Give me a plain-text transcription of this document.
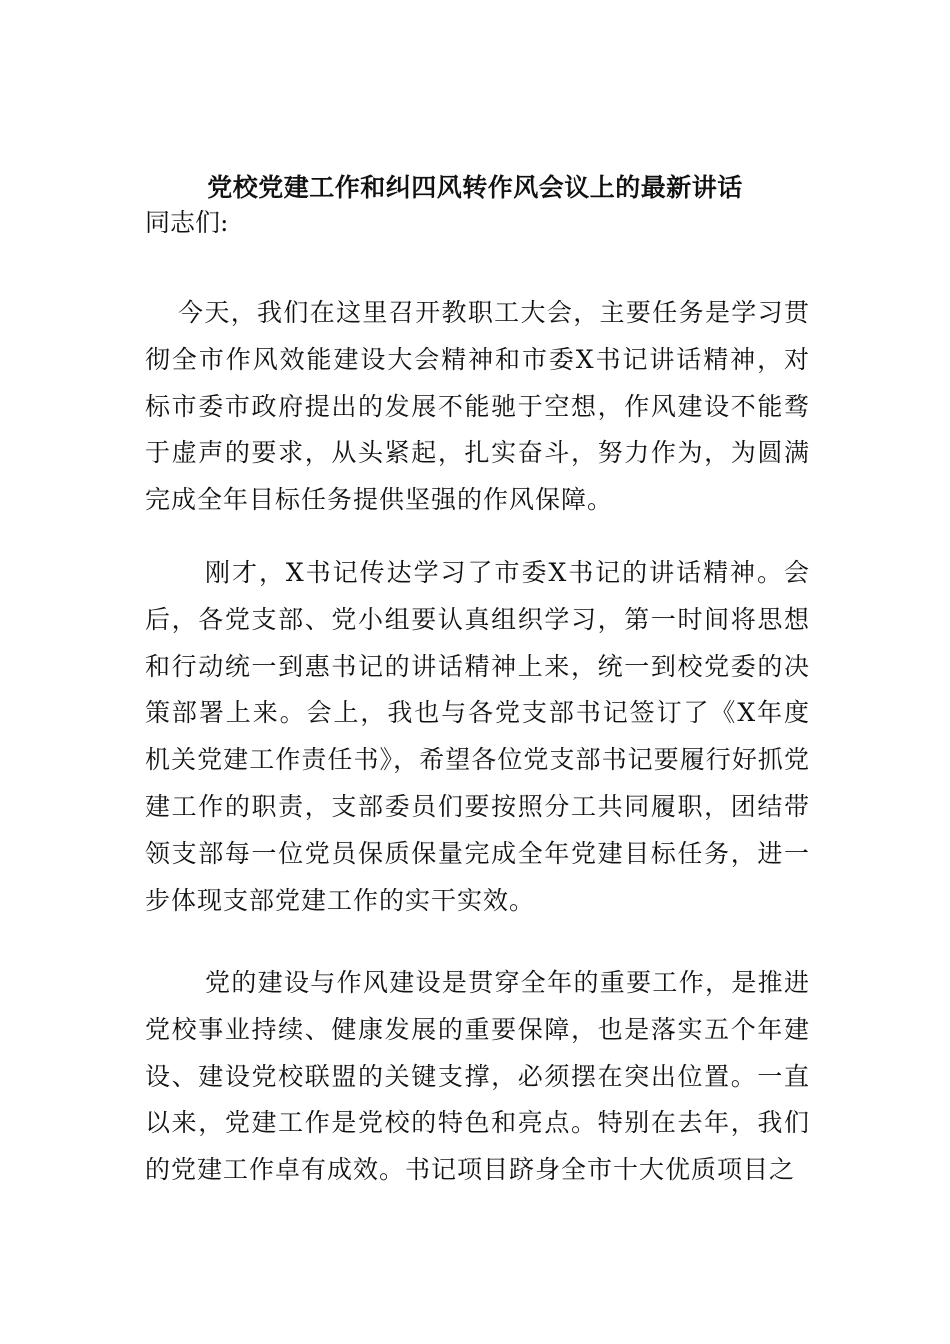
党校党建工作和纠四风转作风会议上的最新讲话

同志们:

今天，我们在这里召开教职工大会，主要任务是学习贯彻全市作风效能建设大会精神和市委X书记讲话精神，对标市委市政府提出的发展不能驰于空想，作风建设不能骛于虚声的要求，从头紧起，扎实奋斗，努力作为，为圆满完成全年目标任务提供坚强的作风保障。

刚才，X书记传达学习了市委X书记的讲话精神。会后，各党支部、党小组要认真组织学习，第一时间将思想和行动统一到惠书记的讲话精神上来，统一到校党委的决策部署上来。会上，我也与各党支部书记签订了《X年度机关党建工作责任书》，希望各位党支部书记要履行好抓党建工作的职责，支部委员们要按照分工共同履职，团结带领支部每一位党员保质保量完成全年党建目标任务，进一步体现支部党建工作的实干实效。

党的建设与作风建设是贯穿全年的重要工作，是推进党校事业持续、健康发展的重要保障，也是落实五个年建设、建设党校联盟的关键支撑，必须摆在突出位置。一直以来，党建工作是党校的特色和亮点。特别在去年，我们的党建工作卓有成效。书记项目跻身全市十大优质项目之
